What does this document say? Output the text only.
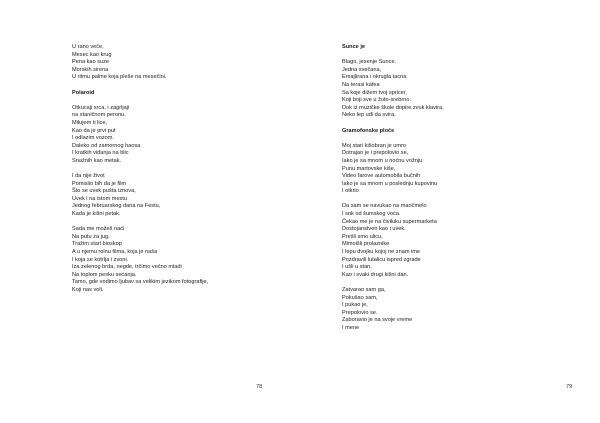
U rano veče,
Mesec kao krug
Pena kao suze
Morskih sirena
U ritmu palme koja pleše na mesečini.
Polaroid
Otkucaji srca, i zagrljaji
na staničnom peronu.
Milujem ti lice,
Kao da je prvi put
I odlazim vozom.
Daleko od zamornog haosa
I kratkih viđanja na blic
Snažnih kao metak.
I da nije život
Pomislio bih da je film
Što se uvek pušta iznova,
Uvek i na istom mestu
Jednog februarskog dana na Festu,
Kada je kišni petak.
Sada me možeš naći
Na putu za jug.
Tražim stari bioskop
A u njemu rolnu filma, koja je naša
I koja se kotrlja i zvoni.
Iza zelenog brda, negde, trčimo večno mladi
Na toplom pesku sećanja.
Tamo, gde vodimo ljubav sa velikim jezikom fotografije,
Koji nas voli.
78
Sunce je
Blago, jesenje Sunce.
Jedna svečana,
Emajlirana i okrugla tacna
Na terasi kafea
Sa koje dižem tvoj spricer,
Koji boji sve u žuto-srebrno.
Dok iz muzičke škole dopire zvuk klavira,
Neko lep uđi da svira.
Gramofonske ploče
Moj stari kišobran je umro
Dotrajao je i prepolovio se,
Iako je sa mnom u noćnu vožnju
Punu martovske kiše,
Video farove automobila bučnih
Iako je sa mnom u poslednju kupovinu
I otkrio
Da sam se navukao na mančmelo
I sok od šumskog voća.
Čekao me je na čiviluku supermarketa
Dostojanstven kao i uvek.
Prešli smo ulicu,
Mimoišli prolaznike
I lepu dvojku kojoj ne znam ime
Pozdravili lutalicu ispred zgrade
I ušli u stan,
Kao i svaki drugi kišni dan.
Zatvarao sam ga,
Pokušao sam,
I pukao je,
Prepolovio se.
Zaboravio je na svoje vreme
I mene
79
